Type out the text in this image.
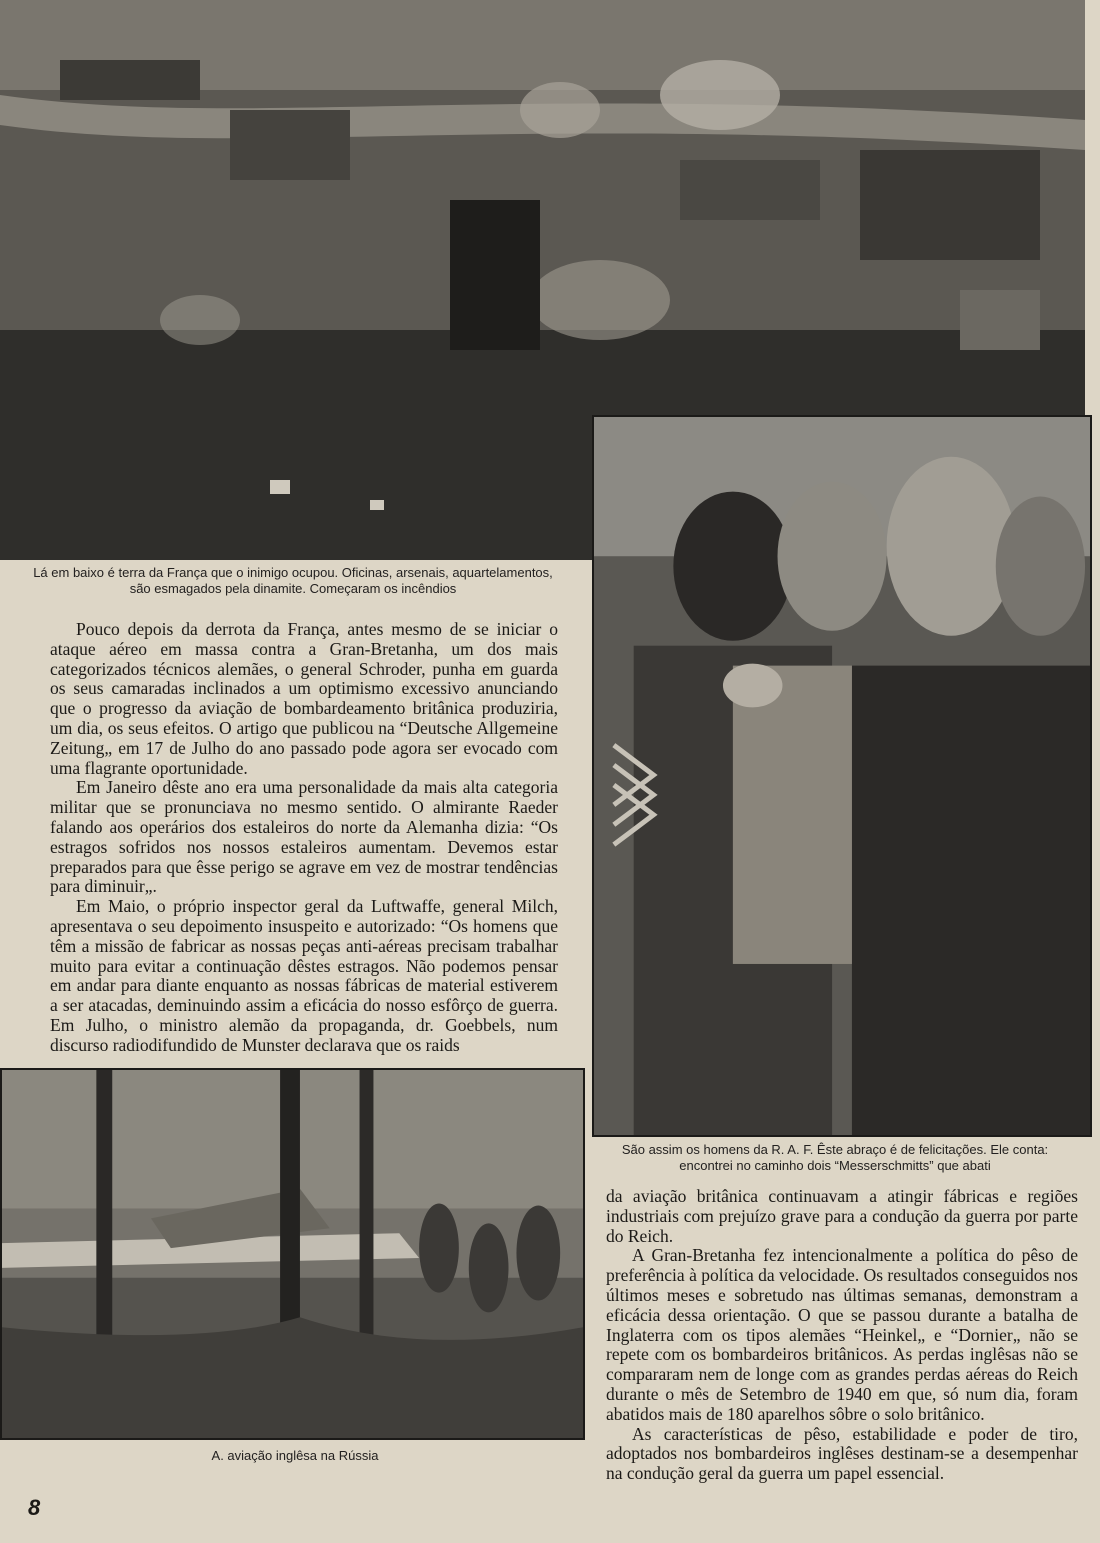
Lá em baixo é terra da França que o inimigo ocupou. Oficinas, arsenais, aquartelamentos, são esmagados pela dinamite. Começaram os incêndios
São assim os homens da R. A. F. Êste abraço é de felicitações. Ele conta: encontrei no caminho dois “Messerschmitts” que abati
A. aviação inglêsa na Rússia

Pouco depois da derrota da França, antes mesmo de se iniciar o ataque aéreo em massa contra a Gran-Bretanha, um dos mais categorizados técnicos alemães, o general Schroder, punha em guarda os seus camaradas inclinados a um optimismo excessivo anunciando que o progresso da aviação de bombardeamento britânica produziria, um dia, os seus efeitos. O artigo que publicou na “Deutsche Allgemeine Zeitung„ em 17 de Julho do ano passado pode agora ser evocado com uma flagrante oportunidade.

Em Janeiro dêste ano era uma personalidade da mais alta categoria militar que se pronunciava no mesmo sentido. O almirante Raeder falando aos operários dos estaleiros do norte da Alemanha dizia: “Os estragos sofridos nos nossos estaleiros aumentam. Devemos estar preparados para que êsse perigo se agrave em vez de mostrar tendências para diminuir„.

Em Maio, o próprio inspector geral da Luftwaffe, general Milch, apresentava o seu depoimento insuspeito e autorizado: “Os homens que têm a missão de fabricar as nossas peças anti-aéreas precisam trabalhar muito para evitar a continuação dêstes estragos. Não podemos pensar em andar para diante enquanto as nossas fábricas de material estiverem a ser atacadas, deminuindo assim a eficácia do nosso esfôrço de guerra. Em Julho, o ministro alemão da propaganda, dr. Goebbels, num discurso radiodifundido de Munster declarava que os raids

da aviação britânica continuavam a atingir fábricas e regiões industriais com prejuízo grave para a condução da guerra por parte do Reich.

A Gran-Bretanha fez intencionalmente a política do pêso de preferência à política da velocidade. Os resultados conseguidos nos últimos meses e sobretudo nas últimas semanas, demonstram a eficácia dessa orientação. O que se passou durante a batalha de Inglaterra com os tipos alemães “Heinkel„ e “Dornier„ não se repete com os bombardeiros britânicos. As perdas inglêsas não se compararam nem de longe com as grandes perdas aéreas do Reich durante o mês de Setembro de 1940 em que, só num dia, foram abatidos mais de 180 aparelhos sôbre o solo britânico.

As características de pêso, estabilidade e poder de tiro, adoptados nos bombardeiros inglêses destinam-se a desempenhar na condução geral da guerra um papel essencial.

8
